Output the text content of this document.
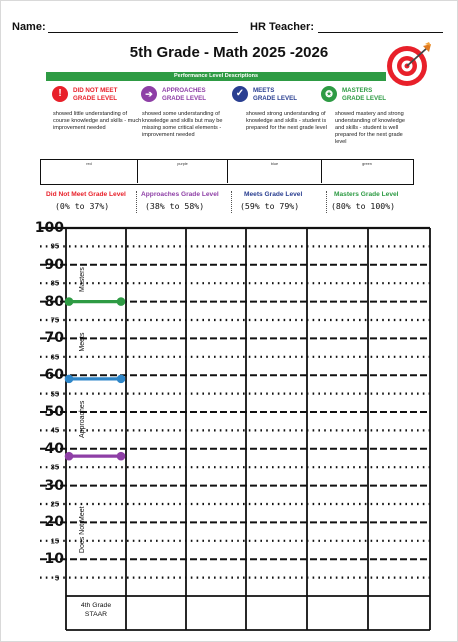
Name:	HR Teacher:
5th Grade - Math 2025 -2026
Performance Level Descriptions
!	DID NOT MEET
GRADE LEVEL	➔	APPROACHES
GRADE LEVEL	✓	MEETS
GRADE LEVEL	✪	MASTERS
GRADE LEVEL
showed little understanding of course knowledge and skills - much improvement needed
showed some understanding of knowledge and skills but may be missing some critical elements - improvement needed
showed strong understanding of knowledge and skills - student is prepared for the next grade level
showed mastery and strong understanding of knowledge and skills - student is well prepared for the next grade level
red	purple	blue	green
Did Not Meet Grade Level
(0% to 37%)
Approaches Grade Level
(38% to 58%)
Meets Grade Level
(59% to 79%)
Masters Grade Level
(80% to 100%)
Masters
Meets
Approaches
Does Not Meet
100
95
90
85
80
75
70
65
60
55
50
45
40
35
30
25
20
15
10
5
4th Grade
STAAR
